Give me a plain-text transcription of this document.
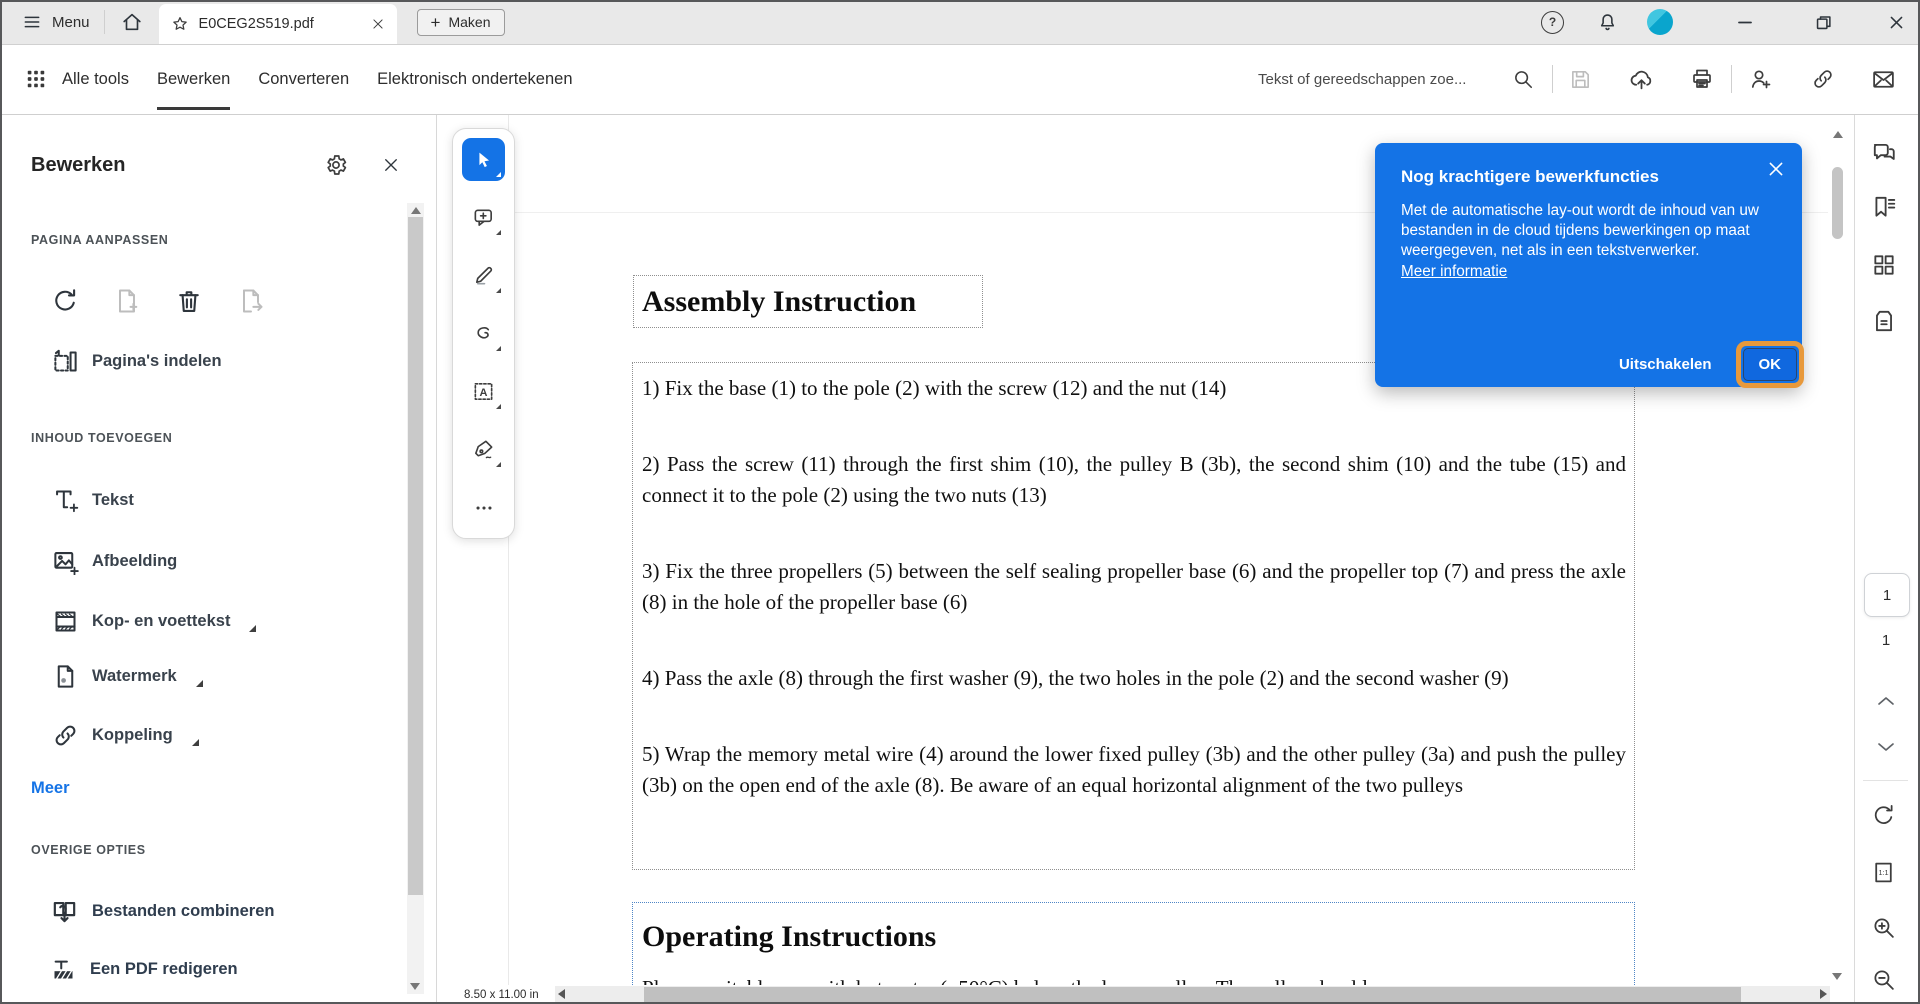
Menu	E0CEG2S519.pdf	+ Maken	?
Alle tools Bewerken Converteren Elektronisch ondertekenen
Tekst of gereedschappen zoe...
Bewerken
PAGINA AANPASSEN
Pagina's indelen
INHOUD TOEVOEGEN
Tekst
Afbeelding
Kop- en voettekst
Watermerk
Koppeling
Meer
OVERIGE OPTIES
Bestanden combineren
Een PDF redigeren
A
Assembly Instruction

1) Fix the base (1) to the pole (2) with the screw (12) and the nut (14)

2) Pass the screw (11) through the first shim (10), the pulley B (3b), the second shim (10) and the tube (15) and connect it to the pole (2) using the two nuts (13)

3) Fix the three propellers (5) between the self sealing propeller base (6) and the propeller top (7) and press the axle (8) in the hole of the propeller base (6)

4) Pass the axle (8) through the first washer (9), the two holes in the pole (2) and the second washer (9)

5) Wrap the memory metal wire (4) around the lower fixed pulley (3b) and the other pulley (3a) and push the pulley (3b) on the open end of the axle (8). Be aware of an equal horizontal alignment of the two pulleys

Operating Instructions

8.50 x 11.00 in
1
1
1:1
Nog krachtigere bewerkfuncties
Met de automatische lay-out wordt de inhoud van uw bestanden in de cloud tijdens bewerkingen op maat weergegeven, net als in een tekstverwerker.
Meer informatie
Uitschakelen	OK
